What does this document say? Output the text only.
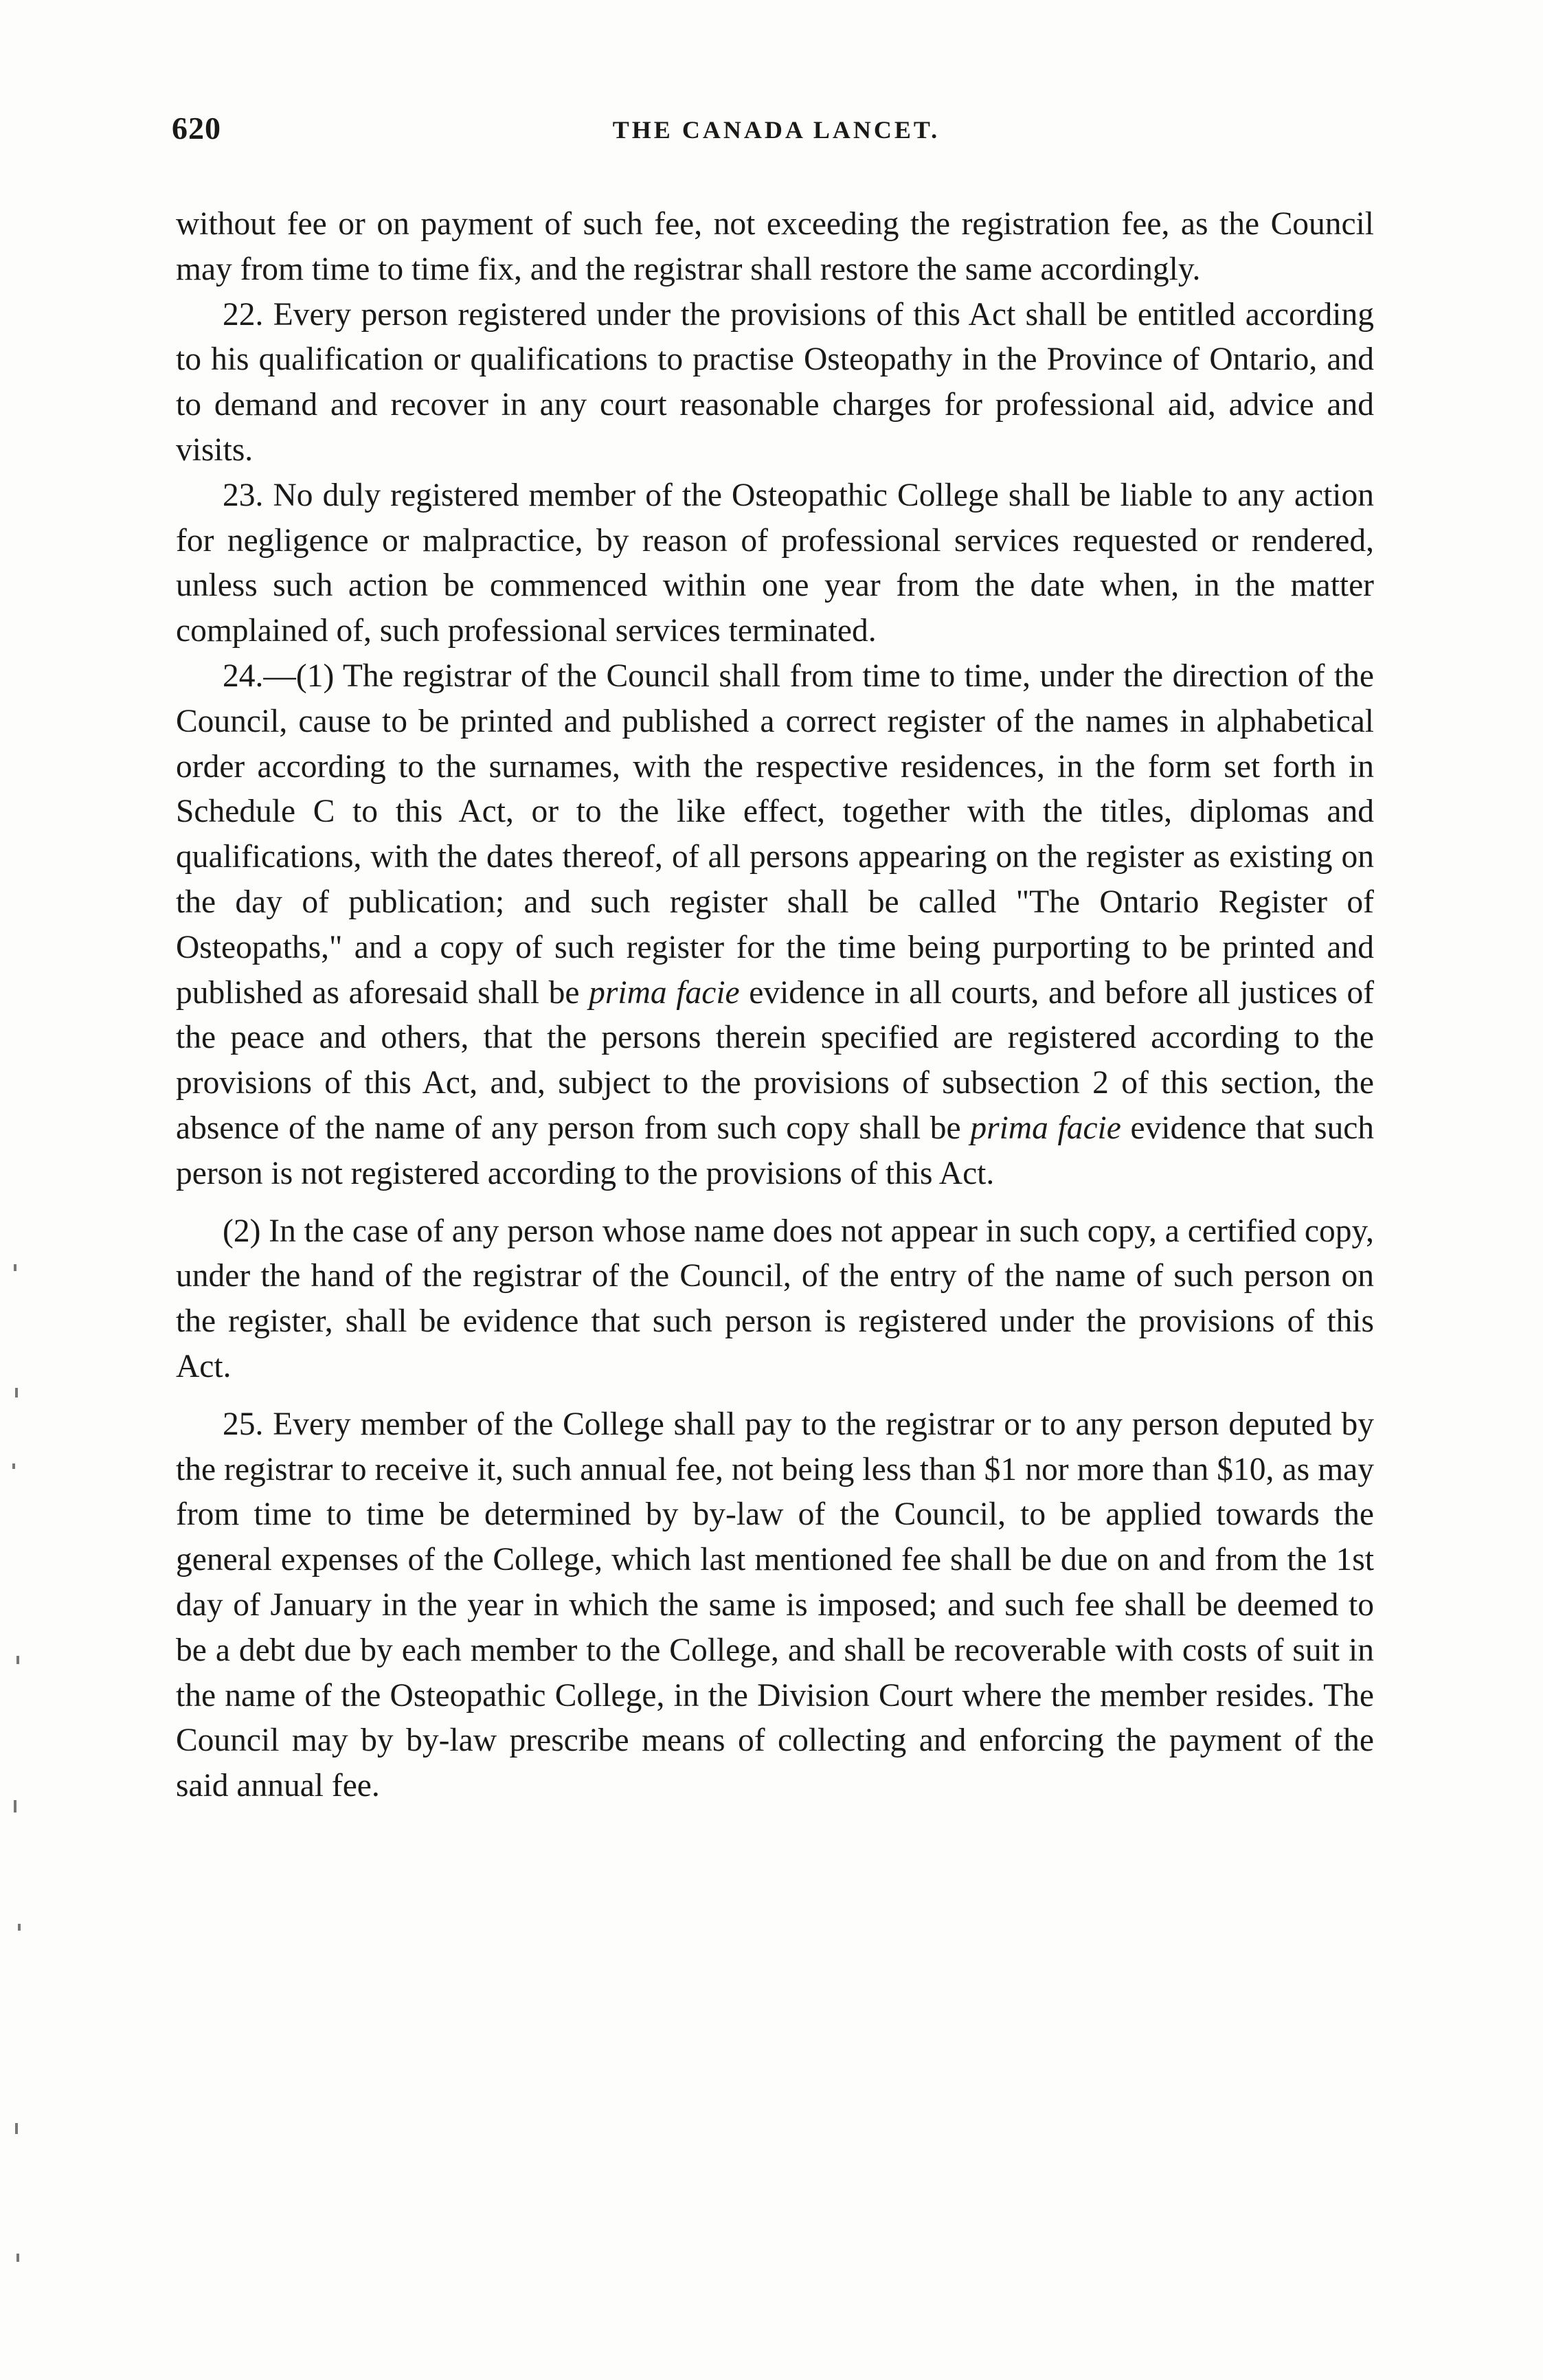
620	THE CANADA LANCET.

without fee or on payment of such fee, not exceeding the registration fee, as the Council may from time to time fix, and the registrar shall restore the same accordingly.

22. Every person registered under the provisions of this Act shall be entitled according to his qualification or qualifications to practise Osteopathy in the Province of Ontario, and to demand and recover in any court reasonable charges for professional aid, advice and visits.

23. No duly registered member of the Osteopathic College shall be liable to any action for negligence or malpractice, by reason of professional services requested or rendered, unless such action be commenced within one year from the date when, in the matter complained of, such professional services terminated.

24.—(1) The registrar of the Council shall from time to time, under the direction of the Council, cause to be printed and published a correct register of the names in alphabetical order according to the surnames, with the respective residences, in the form set forth in Schedule C to this Act, or to the like effect, together with the titles, diplomas and qualifications, with the dates thereof, of all persons appearing on the register as existing on the day of publication; and such register shall be called "The Ontario Register of Osteopaths," and a copy of such register for the time being purporting to be printed and published as aforesaid shall be prima facie evidence in all courts, and before all justices of the peace and others, that the persons therein specified are registered according to the provisions of this Act, and, subject to the provisions of subsection 2 of this section, the absence of the name of any person from such copy shall be prima facie evidence that such person is not registered according to the provisions of this Act.

(2) In the case of any person whose name does not appear in such copy, a certified copy, under the hand of the registrar of the Council, of the entry of the name of such person on the register, shall be evidence that such person is registered under the provisions of this Act.

25. Every member of the College shall pay to the registrar or to any person deputed by the registrar to receive it, such annual fee, not being less than $1 nor more than $10, as may from time to time be determined by by-law of the Council, to be applied towards the general expenses of the College, which last mentioned fee shall be due on and from the 1st day of January in the year in which the same is imposed; and such fee shall be deemed to be a debt due by each member to the College, and shall be recoverable with costs of suit in the name of the Osteopathic College, in the Division Court where the member resides. The Council may by by-law prescribe means of collecting and enforcing the payment of the said annual fee.
